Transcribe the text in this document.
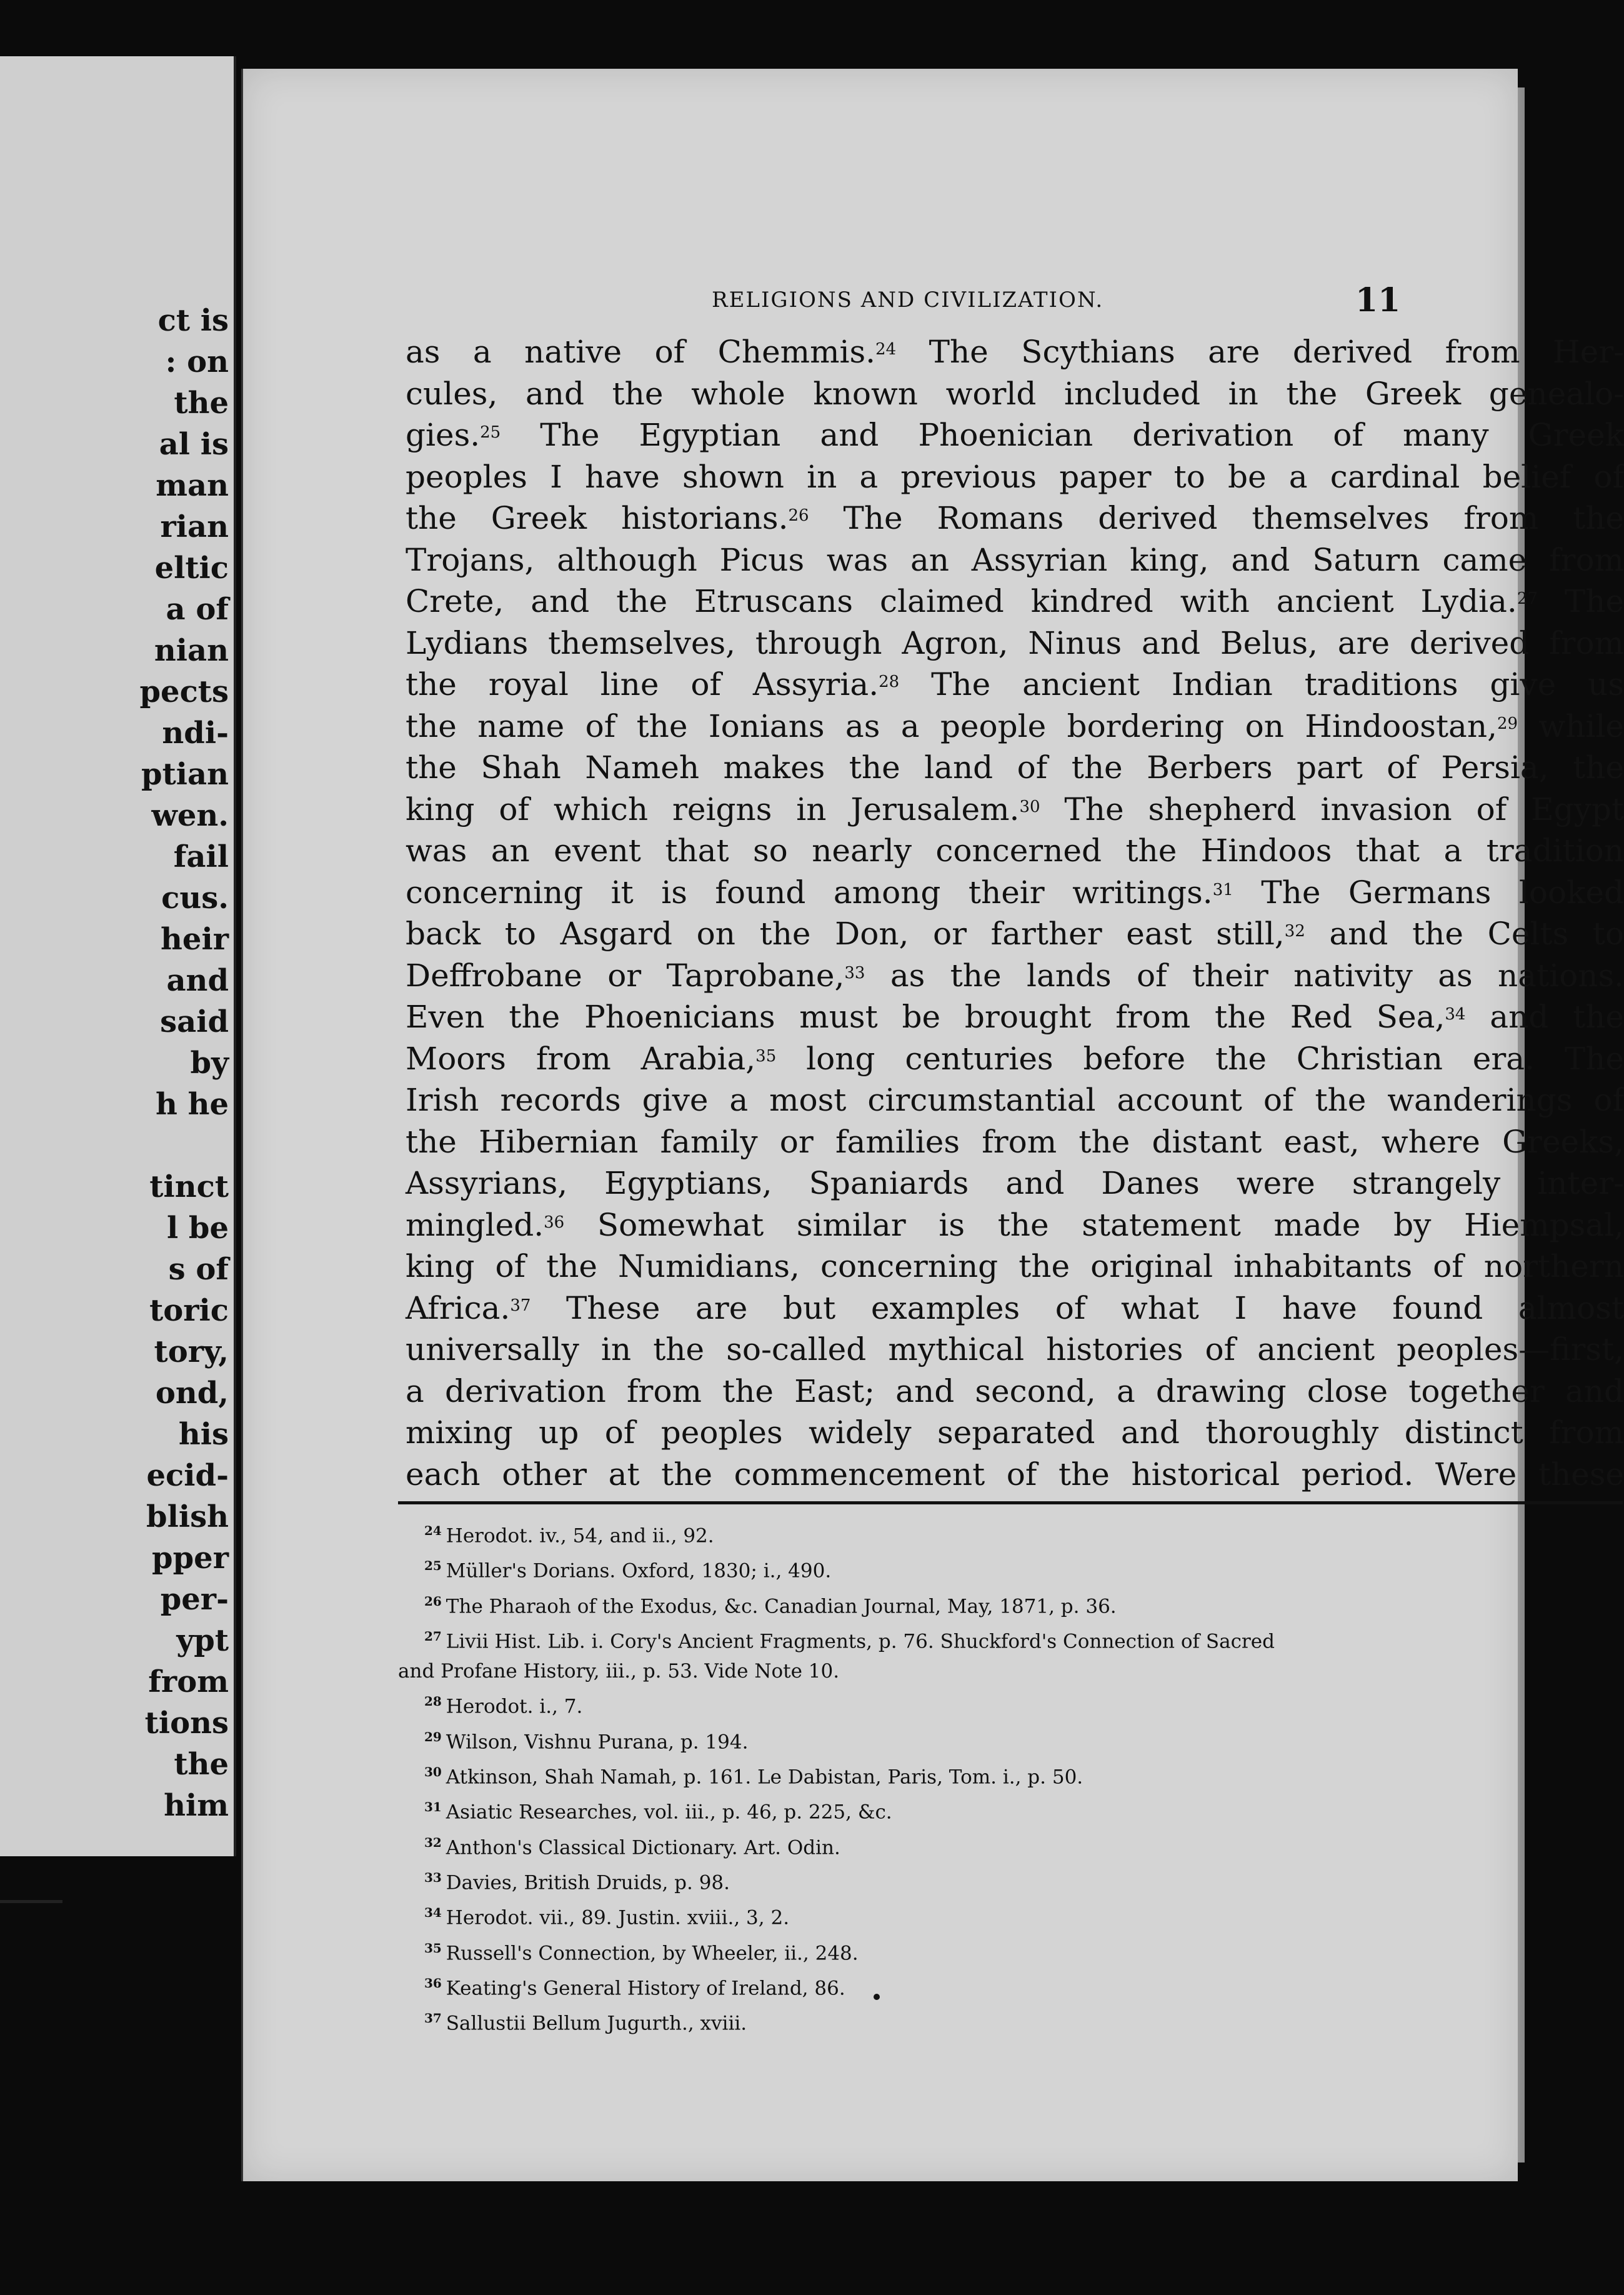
ct is
: on
the
al is
man
rian
eltic
a of
nian
pects
ndi-
ptian
wen.
fail
cus.
heir
and
said
by
h he
tinct
l be
s of
toric
tory,
ond,
his
ecid-
blish
pper
per-
ypt
from
tions
the
him
RELIGIONS AND CIVILIZATION.	11
as a native of Chemmis.$^{24}$ The Scythians are derived from Her-
cules, and the whole known world included in the Greek genealo-
gies.$^{25}$ The Egyptian and Phoenician derivation of many Greek
peoples I have shown in a previous paper to be a cardinal belief of
the Greek historians.$^{26}$ The Romans derived themselves from the
Trojans, although Picus was an Assyrian king, and Saturn came from
Crete, and the Etruscans claimed kindred with ancient Lydia.$^{27}$ The
Lydians themselves, through Agron, Ninus and Belus, are derived from
the royal line of Assyria.$^{28}$ The ancient Indian traditions give us
the name of the Ionians as a people bordering on Hindoostan,$^{29}$ while
the Shah Nameh makes the land of the Berbers part of Persia, the
king of which reigns in Jerusalem.$^{30}$ The shepherd invasion of Egypt
was an event that so nearly concerned the Hindoos that a tradition
concerning it is found among their writings.$^{31}$ The Germans looked
back to Asgard on the Don, or farther east still,$^{32}$ and the Celts to
Deffrobane or Taprobane,$^{33}$ as the lands of their nativity as nations.
Even the Phoenicians must be brought from the Red Sea,$^{34}$ and the
Moors from Arabia,$^{35}$ long centuries before the Christian era. The
Irish records give a most circumstantial account of the wanderings of
the Hibernian family or families from the distant east, where Greeks,
Assyrians, Egyptians, Spaniards and Danes were strangely inter-
mingled.$^{36}$ Somewhat similar is the statement made by Hiempsal,
king of the Numidians, concerning the original inhabitants of northern
Africa.$^{37}$ These are but examples of what I have found almost
universally in the so-called mythical histories of ancient peoples—first,
a derivation from the East; and second, a drawing close together and
mixing up of peoples widely separated and thoroughly distinct from
each other at the commencement of the historical period. Were these
$^{24}$ Herodot. iv., 54, and ii., 92.
$^{25}$ Müller's Dorians. Oxford, 1830; i., 490.
$^{26}$ The Pharaoh of the Exodus, &c. Canadian Journal, May, 1871, p. 36.
$^{27}$ Livii Hist. Lib. i. Cory's Ancient Fragments, p. 76. Shuckford's Connection of Sacred
and Profane History, iii., p. 53. Vide Note 10.
$^{28}$ Herodot. i., 7.
$^{29}$ Wilson, Vishnu Purana, p. 194.
$^{30}$ Atkinson, Shah Namah, p. 161. Le Dabistan, Paris, Tom. i., p. 50.
$^{31}$ Asiatic Researches, vol. iii., p. 46, p. 225, &c.
$^{32}$ Anthon's Classical Dictionary. Art. Odin.
$^{33}$ Davies, British Druids, p. 98.
$^{34}$ Herodot. vii., 89. Justin. xviii., 3, 2.
$^{35}$ Russell's Connection, by Wheeler, ii., 248.
$^{36}$ Keating's General History of Ireland, 86.
$^{37}$ Sallustii Bellum Jugurth., xviii.
